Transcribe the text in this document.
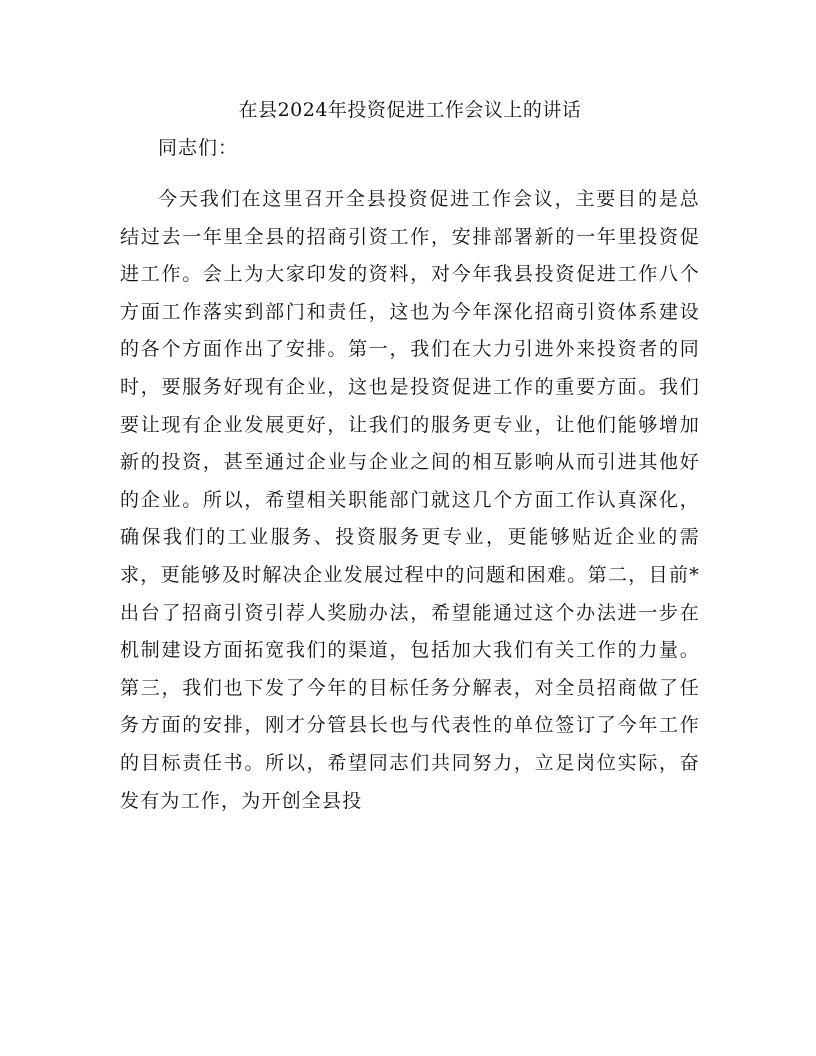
在县2024年投资促进工作会议上的讲话

同志们：

今天我们在这里召开全县投资促进工作会议，主要目的是总结过去一年里全县的招商引资工作，安排部署新的一年里投资促进工作。会上为大家印发的资料，对今年我县投资促进工作八个方面工作落实到部门和责任，这也为今年深化招商引资体系建设的各个方面作出了安排。第一，我们在大力引进外来投资者的同时，要服务好现有企业，这也是投资促进工作的重要方面。我们要让现有企业发展更好，让我们的服务更专业，让他们能够增加新的投资，甚至通过企业与企业之间的相互影响从而引进其他好的企业。所以，希望相关职能部门就这几个方面工作认真深化，确保我们的工业服务、投资服务更专业，更能够贴近企业的需求，更能够及时解决企业发展过程中的问题和困难。第二，目前*出台了招商引资引荐人奖励办法，希望能通过这个办法进一步在机制建设方面拓宽我们的渠道，包括加大我们有关工作的力量。第三，我们也下发了今年的目标任务分解表，对全员招商做了任务方面的安排，刚才分管县长也与代表性的单位签订了今年工作的目标责任书。所以，希望同志们共同努力，立足岗位实际，奋发有为工作，为开创全县投
